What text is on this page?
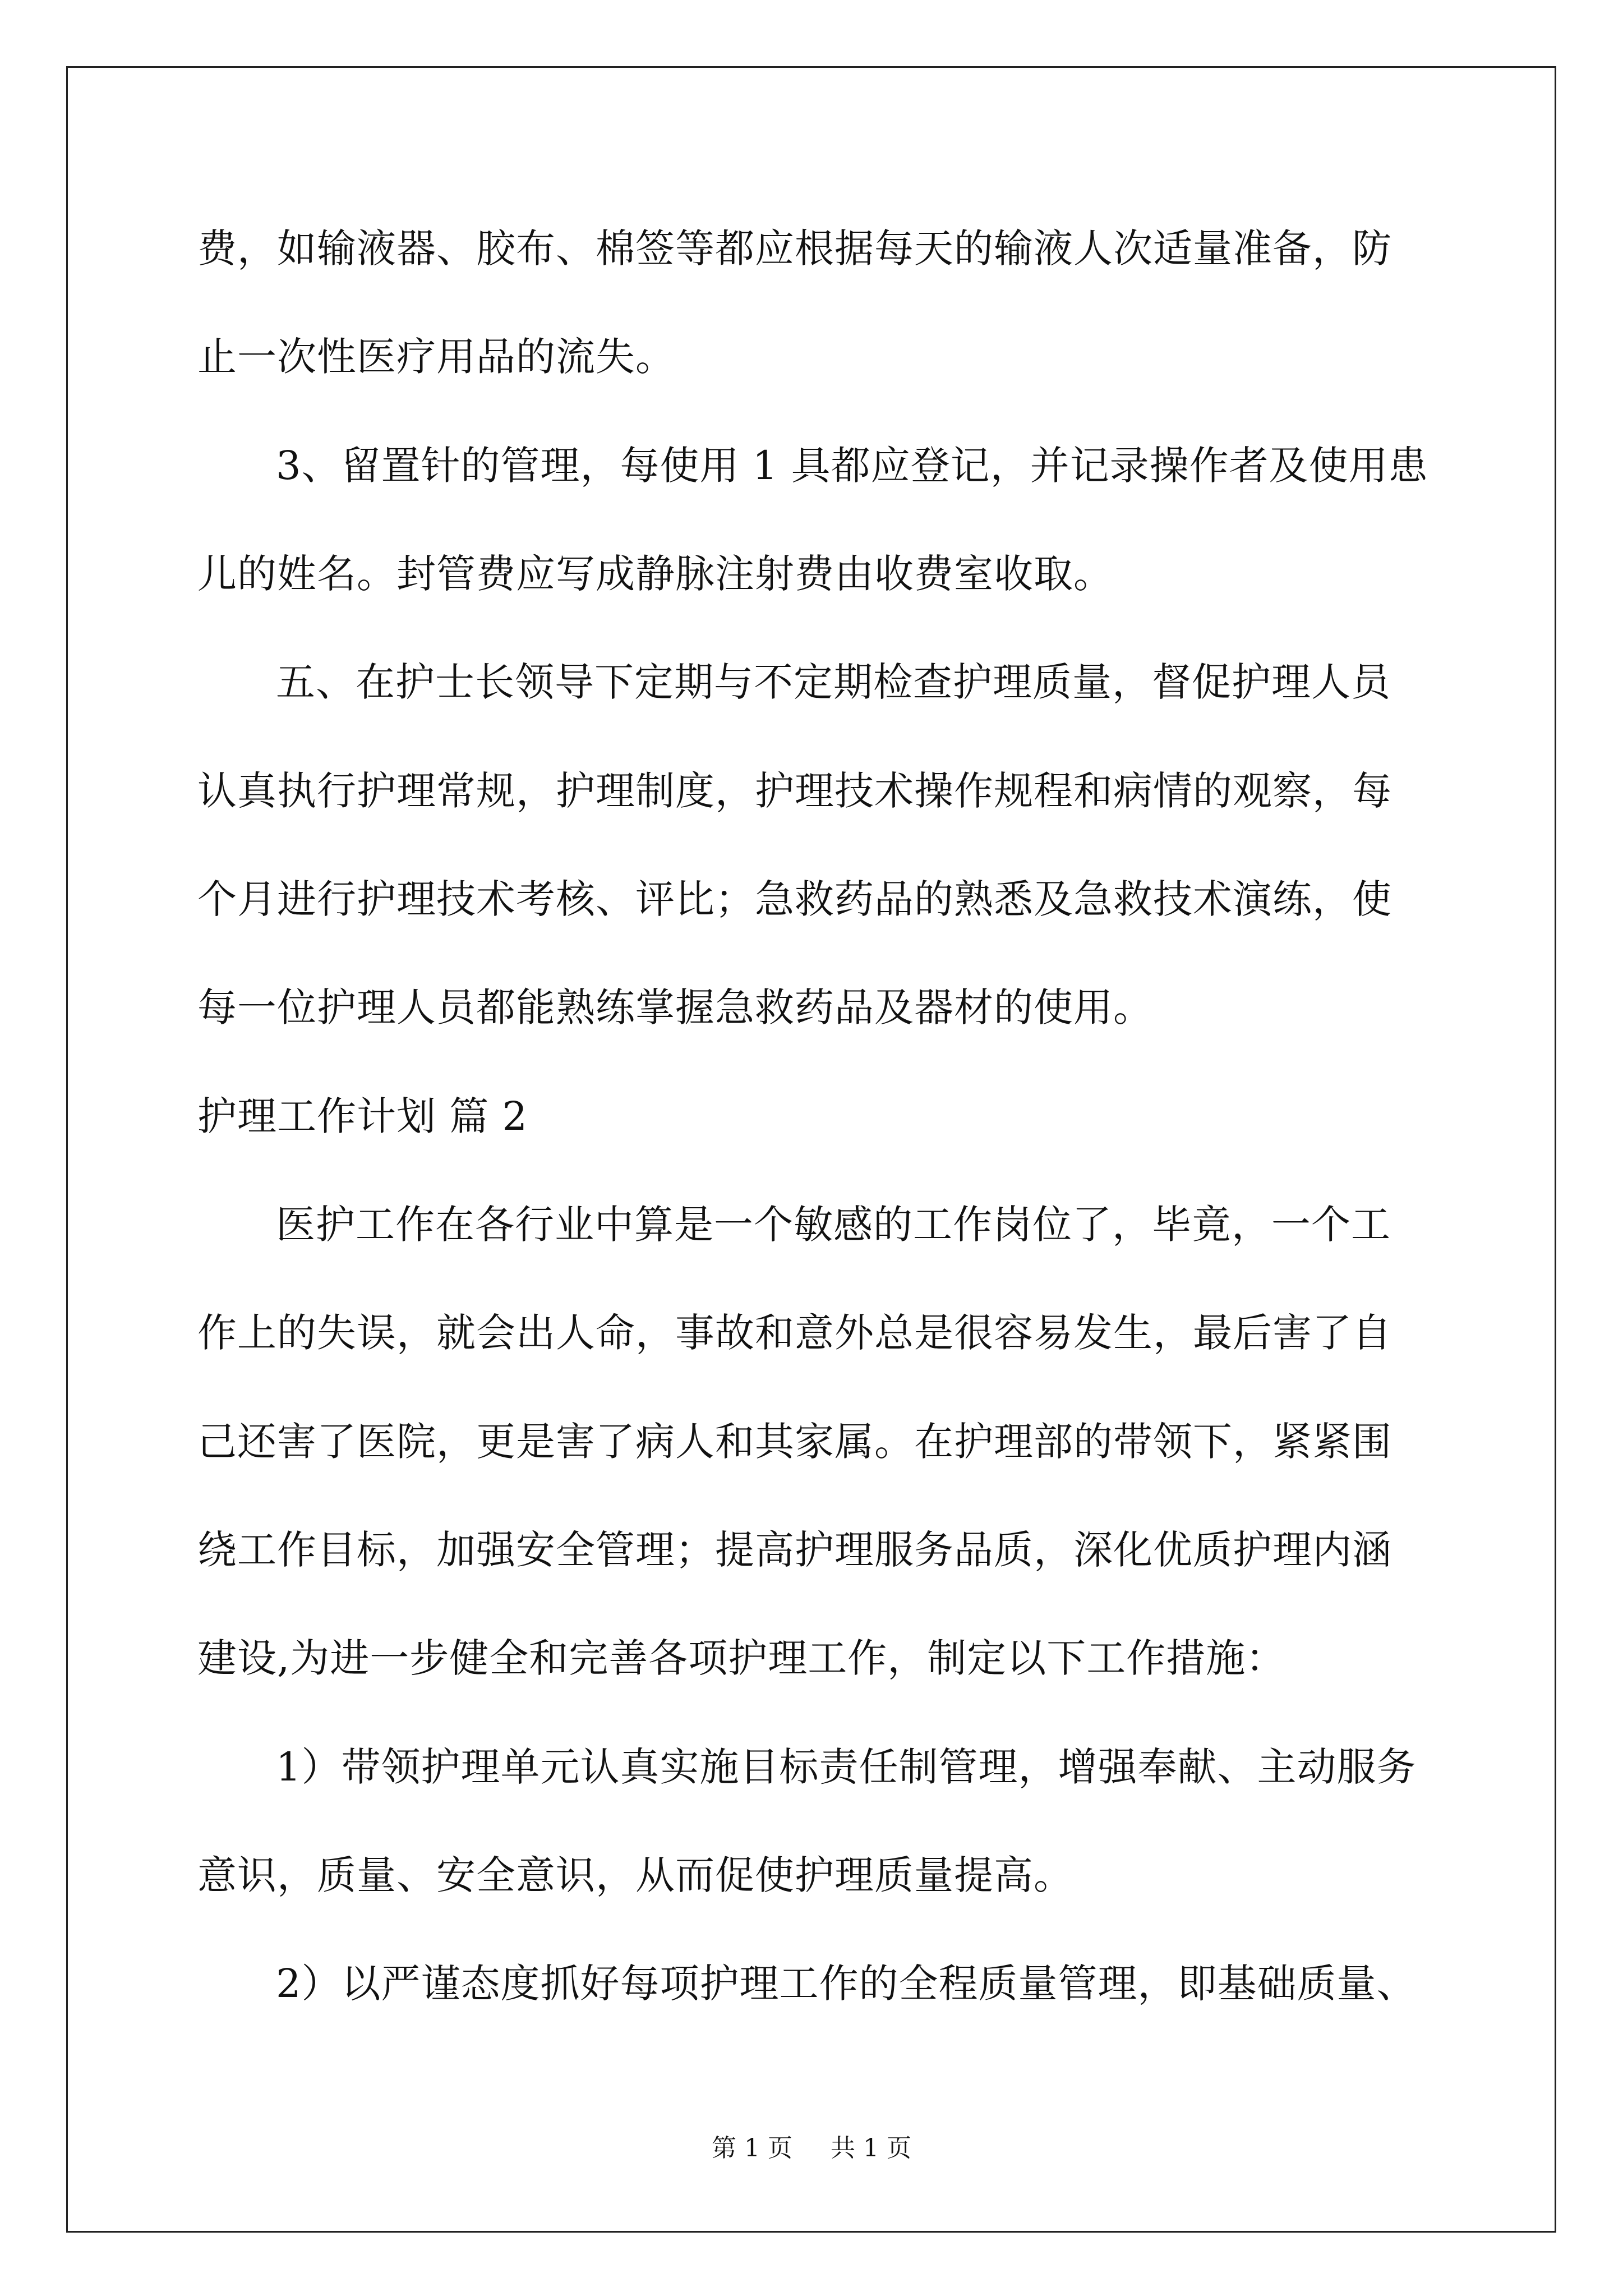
费，如输液器、胶布、棉签等都应根据每天的输液人次适量准备，防

止一次性医疗用品的流失。

3、留置针的管理，每使用 1 具都应登记，并记录操作者及使用患

儿的姓名。封管费应写成静脉注射费由收费室收取。

五、在护士长领导下定期与不定期检查护理质量，督促护理人员

认真执行护理常规，护理制度，护理技术操作规程和病情的观察，每

个月进行护理技术考核、评比；急救药品的熟悉及急救技术演练，使

每一位护理人员都能熟练掌握急救药品及器材的使用。

护理工作计划 篇 2

医护工作在各行业中算是一个敏感的工作岗位了，毕竟，一个工

作上的失误，就会出人命，事故和意外总是很容易发生，最后害了自

己还害了医院，更是害了病人和其家属。在护理部的带领下，紧紧围

绕工作目标，加强安全管理；提高护理服务品质，深化优质护理内涵

建设,为进一步健全和完善各项护理工作，制定以下工作措施：

1）带领护理单元认真实施目标责任制管理，增强奉献、主动服务

意识，质量、安全意识，从而促使护理质量提高。

2）以严谨态度抓好每项护理工作的全程质量管理，即基础质量、

第 1 页 共 1 页
